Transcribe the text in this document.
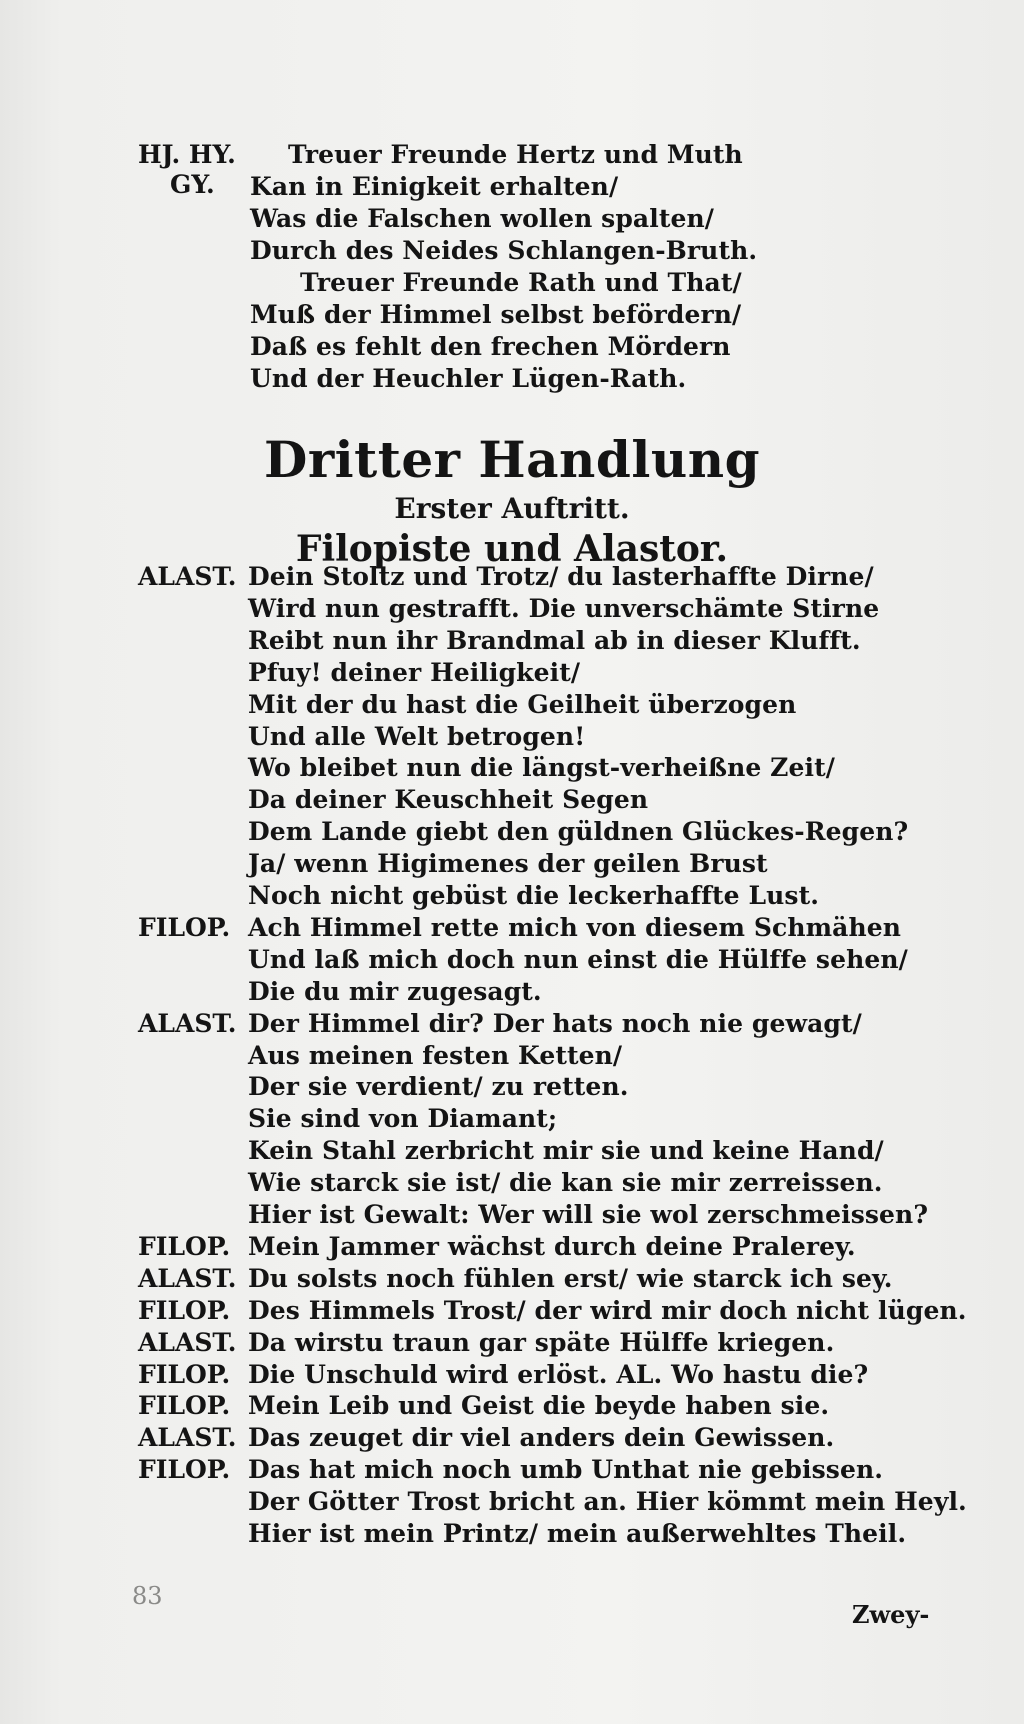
HJ. HY.
GY.
Treuer Freunde Hertz und Muth
Kan in Einigkeit erhalten/
Was die Falschen wollen spalten/
Durch des Neides Schlangen-Bruth.
Treuer Freunde Rath und That/
Muß der Himmel selbst befördern/
Daß es fehlt den frechen Mördern
Und der Heuchler Lügen-Rath.
Dritter Handlung
Erster Auftritt.
Filopiste und Alastor.
ALAST. Dein Stoltz und Trotz/ du lasterhaffte Dirne/
Wird nun gestrafft. Die unverschämte Stirne
Reibt nun ihr Brandmal ab in dieser Klufft.
Pfuy! deiner Heiligkeit/
Mit der du hast die Geilheit überzogen
Und alle Welt betrogen!
Wo bleibet nun die längst-verheißne Zeit/
Da deiner Keuschheit Segen
Dem Lande giebt den güldnen Glückes-Regen?
Ja/ wenn Higimenes der geilen Brust
Noch nicht gebüst die leckerhaffte Lust.
FILOP. Ach Himmel rette mich von diesem Schmähen
Und laß mich doch nun einst die Hülffe sehen/
Die du mir zugesagt.
ALAST. Der Himmel dir? Der hats noch nie gewagt/
Aus meinen festen Ketten/
Der sie verdient/ zu retten.
Sie sind von Diamant;
Kein Stahl zerbricht mir sie und keine Hand/
Wie starck sie ist/ die kan sie mir zerreissen.
Hier ist Gewalt: Wer will sie wol zerschmeissen?
FILOP. Mein Jammer wächst durch deine Pralerey.
ALAST. Du solsts noch fühlen erst/ wie starck ich sey.
FILOP. Des Himmels Trost/ der wird mir doch nicht lügen.
ALAST. Da wirstu traun gar späte Hülffe kriegen.
FILOP. Die Unschuld wird erlöst. AL. Wo hastu die?
FILOP. Mein Leib und Geist die beyde haben sie.
ALAST. Das zeuget dir viel anders dein Gewissen.
FILOP. Das hat mich noch umb Unthat nie gebissen.
Der Götter Trost bricht an. Hier kömmt mein Heyl.
Hier ist mein Printz/ mein außerwehltes Theil.
Zwey-
83
